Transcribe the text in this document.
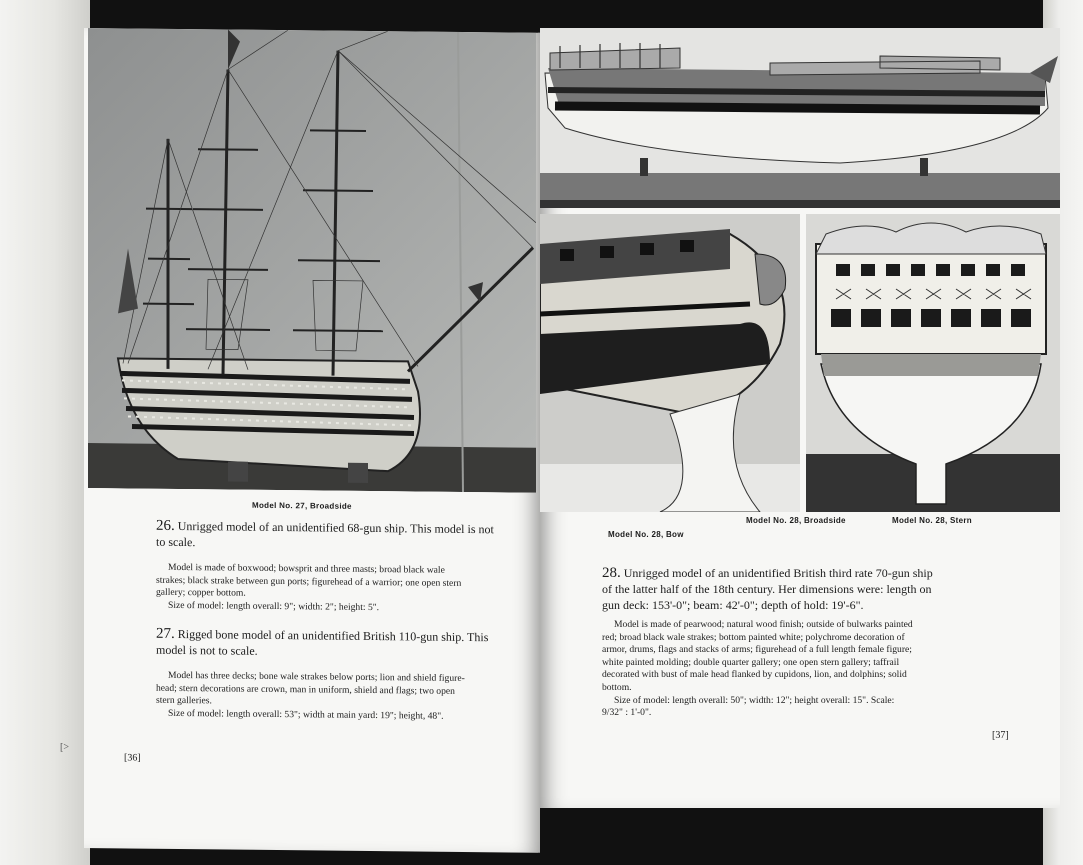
Model No. 27, Broadside
26. Unrigged model of an unidentified 68-gun ship. This model is not
to scale.
Model is made of boxwood; bowsprit and three masts; broad black wale
strakes; black strake between gun ports; figurehead of a warrior; one open stern
gallery; copper bottom.
Size of model: length overall: 9"; width: 2"; height: 5".
27. Rigged bone model of an unidentified British 110-gun ship. This
model is not to scale.
Model has three decks; bone wale strakes below ports; lion and shield figure-
head; stern decorations are crown, man in uniform, shield and flags; two open
stern galleries.
Size of model: length overall: 53"; width at main yard: 19"; height, 48".
[36]
[>
Model No. 28, Broadside	Model No. 28, Stern
Model No. 28, Bow
28. Unrigged model of an unidentified British third rate 70-gun ship
of the latter half of the 18th century. Her dimensions were: length on
gun deck: 153'-0"; beam: 42'-0"; depth of hold: 19'-6".
Model is made of pearwood; natural wood finish; outside of bulwarks painted
red; broad black wale strakes; bottom painted white; polychrome decoration of
armor, drums, flags and stacks of arms; figurehead of a full length female figure;
white painted molding; double quarter gallery; one open stern gallery; taffrail
decorated with bust of male head flanked by cupidons, lion, and dolphins; solid
bottom.
Size of model: length overall: 50"; width: 12"; height overall: 15". Scale:
9/32" : 1'-0".
[37]
